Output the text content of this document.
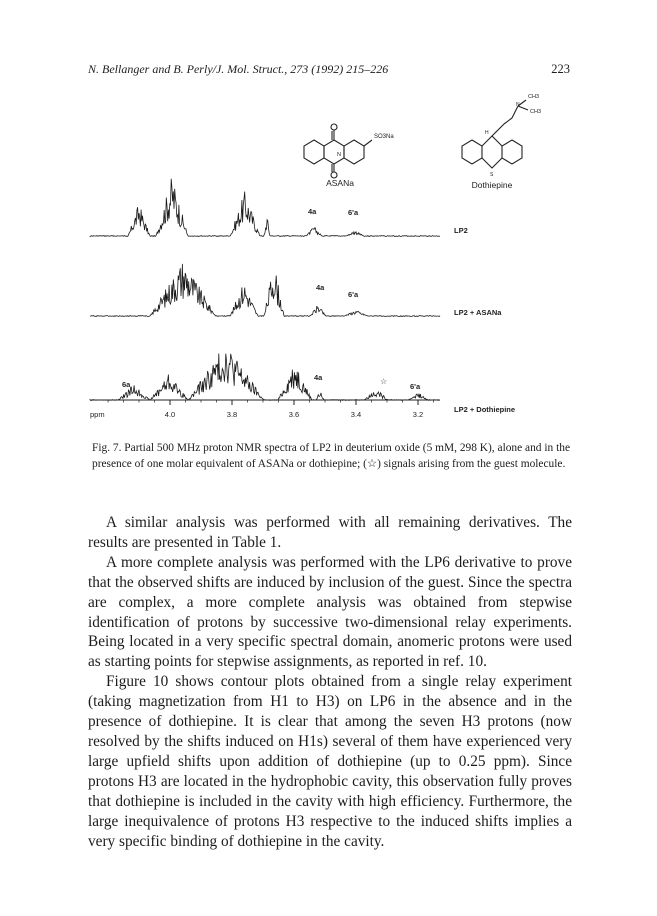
N. Bellanger and B. Perly/J. Mol. Struct., 273 (1992) 215–226	223
SO3Na
N
ASANa
CH3
CH3
N
H
S
Dothiepine
4a	6'a
4a
6'a
6a
4a	☆
6'a
LP2
LP2 + ASANa
LP2 + Dothiepine
ppm	4.0	3.8	3.6	3.4	3.2
Fig. 7. Partial 500 MHz proton NMR spectra of LP2 in deuterium oxide (5 mM, 298 K), alone and in the presence of one molar equivalent of ASANa or dothiepine; (☆) signals arising from the guest molecule.

A similar analysis was performed with all remaining derivatives. The results are presented in Table 1.

A more complete analysis was performed with the LP6 derivative to prove that the observed shifts are induced by inclusion of the guest. Since the spectra are complex, a more complete analysis was obtained from stepwise identification of protons by successive two-dimensional relay experiments. Being located in a very specific spectral domain, anomeric protons were used as starting points for stepwise assignments, as reported in ref. 10.

Figure 10 shows contour plots obtained from a single relay experiment (taking magnetization from H1 to H3) on LP6 in the absence and in the presence of dothiepine. It is clear that among the seven H3 protons (now resolved by the shifts induced on H1s) several of them have experienced very large upfield shifts upon addition of dothiepine (up to 0.25 ppm). Since protons H3 are located in the hydrophobic cavity, this observation fully proves that dothiepine is included in the cavity with high efficiency. Furthermore, the large inequivalence of protons H3 respective to the induced shifts implies a very specific binding of dothiepine in the cavity.
